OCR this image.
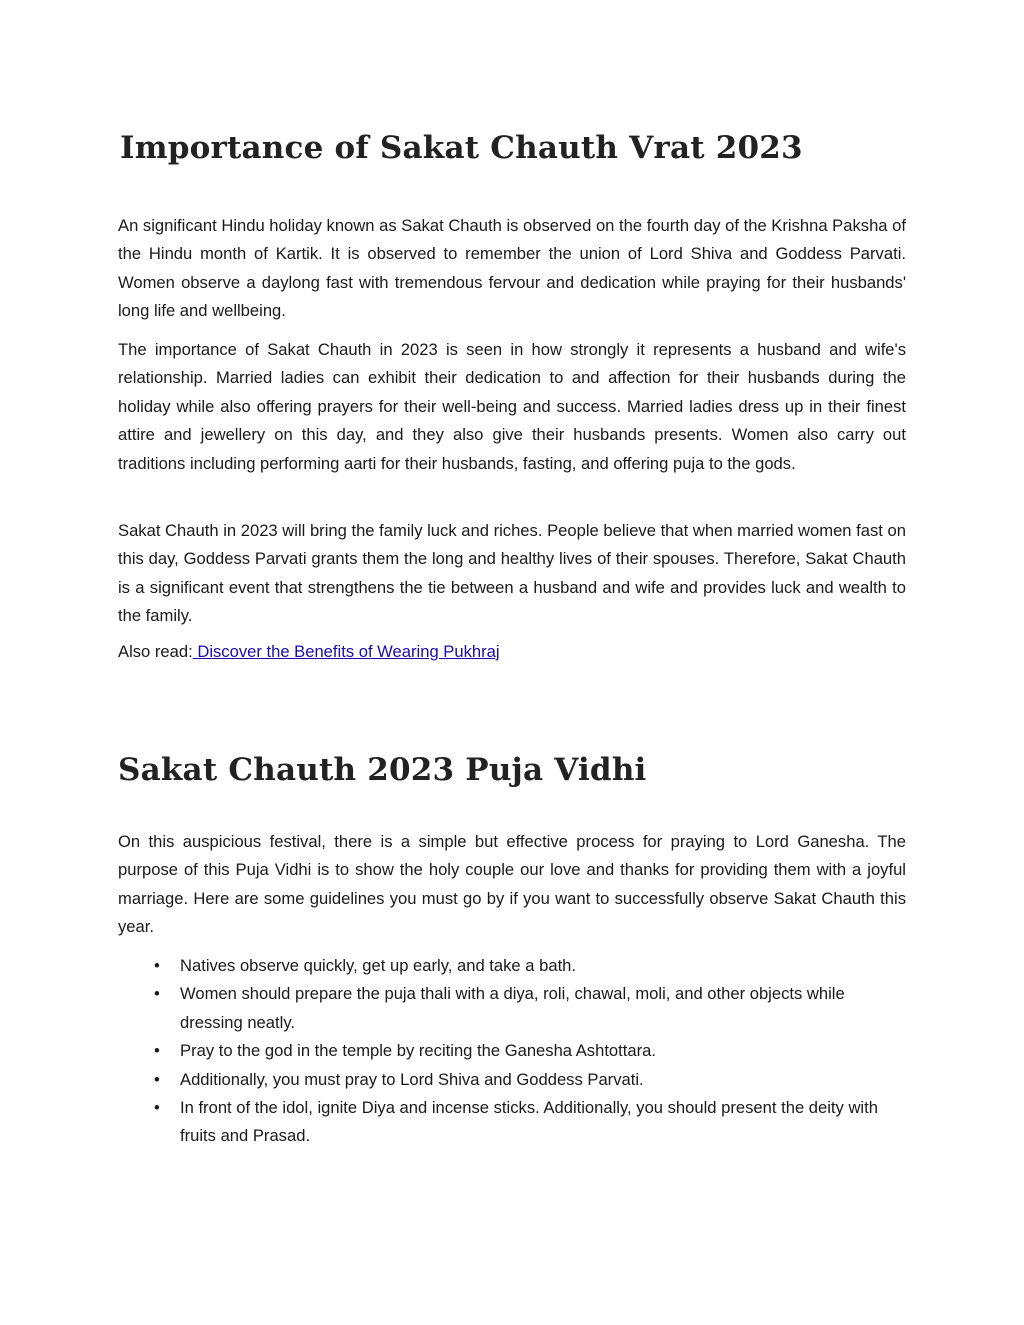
Importance of Sakat Chauth Vrat 2023

An significant Hindu holiday known as Sakat Chauth is observed on the fourth day of the Krishna Paksha of the Hindu month of Kartik. It is observed to remember the union of Lord Shiva and Goddess Parvati. Women observe a daylong fast with tremendous fervour and dedication while praying for their husbands' long life and wellbeing.

The importance of Sakat Chauth in 2023 is seen in how strongly it represents a husband and wife's relationship. Married ladies can exhibit their dedication to and affection for their husbands during the holiday while also offering prayers for their well-being and success. Married ladies dress up in their finest attire and jewellery on this day, and they also give their husbands presents. Women also carry out traditions including performing aarti for their husbands, fasting, and offering puja to the gods.

Sakat Chauth in 2023 will bring the family luck and riches. People believe that when married women fast on this day, Goddess Parvati grants them the long and healthy lives of their spouses. Therefore, Sakat Chauth is a significant event that strengthens the tie between a husband and wife and provides luck and wealth to the family.

Also read: Discover the Benefits of Wearing Pukhraj

Sakat Chauth 2023 Puja Vidhi

On this auspicious festival, there is a simple but effective process for praying to Lord Ganesha. The purpose of this Puja Vidhi is to show the holy couple our love and thanks for providing them with a joyful marriage. Here are some guidelines you must go by if you want to successfully observe Sakat Chauth this year.

• Natives observe quickly, get up early, and take a bath.
• Women should prepare the puja thali with a diya, roli, chawal, moli, and other objects while dressing neatly.
• Pray to the god in the temple by reciting the Ganesha Ashtottara.
• Additionally, you must pray to Lord Shiva and Goddess Parvati.
• In front of the idol, ignite Diya and incense sticks. Additionally, you should present the deity with fruits and Prasad.
